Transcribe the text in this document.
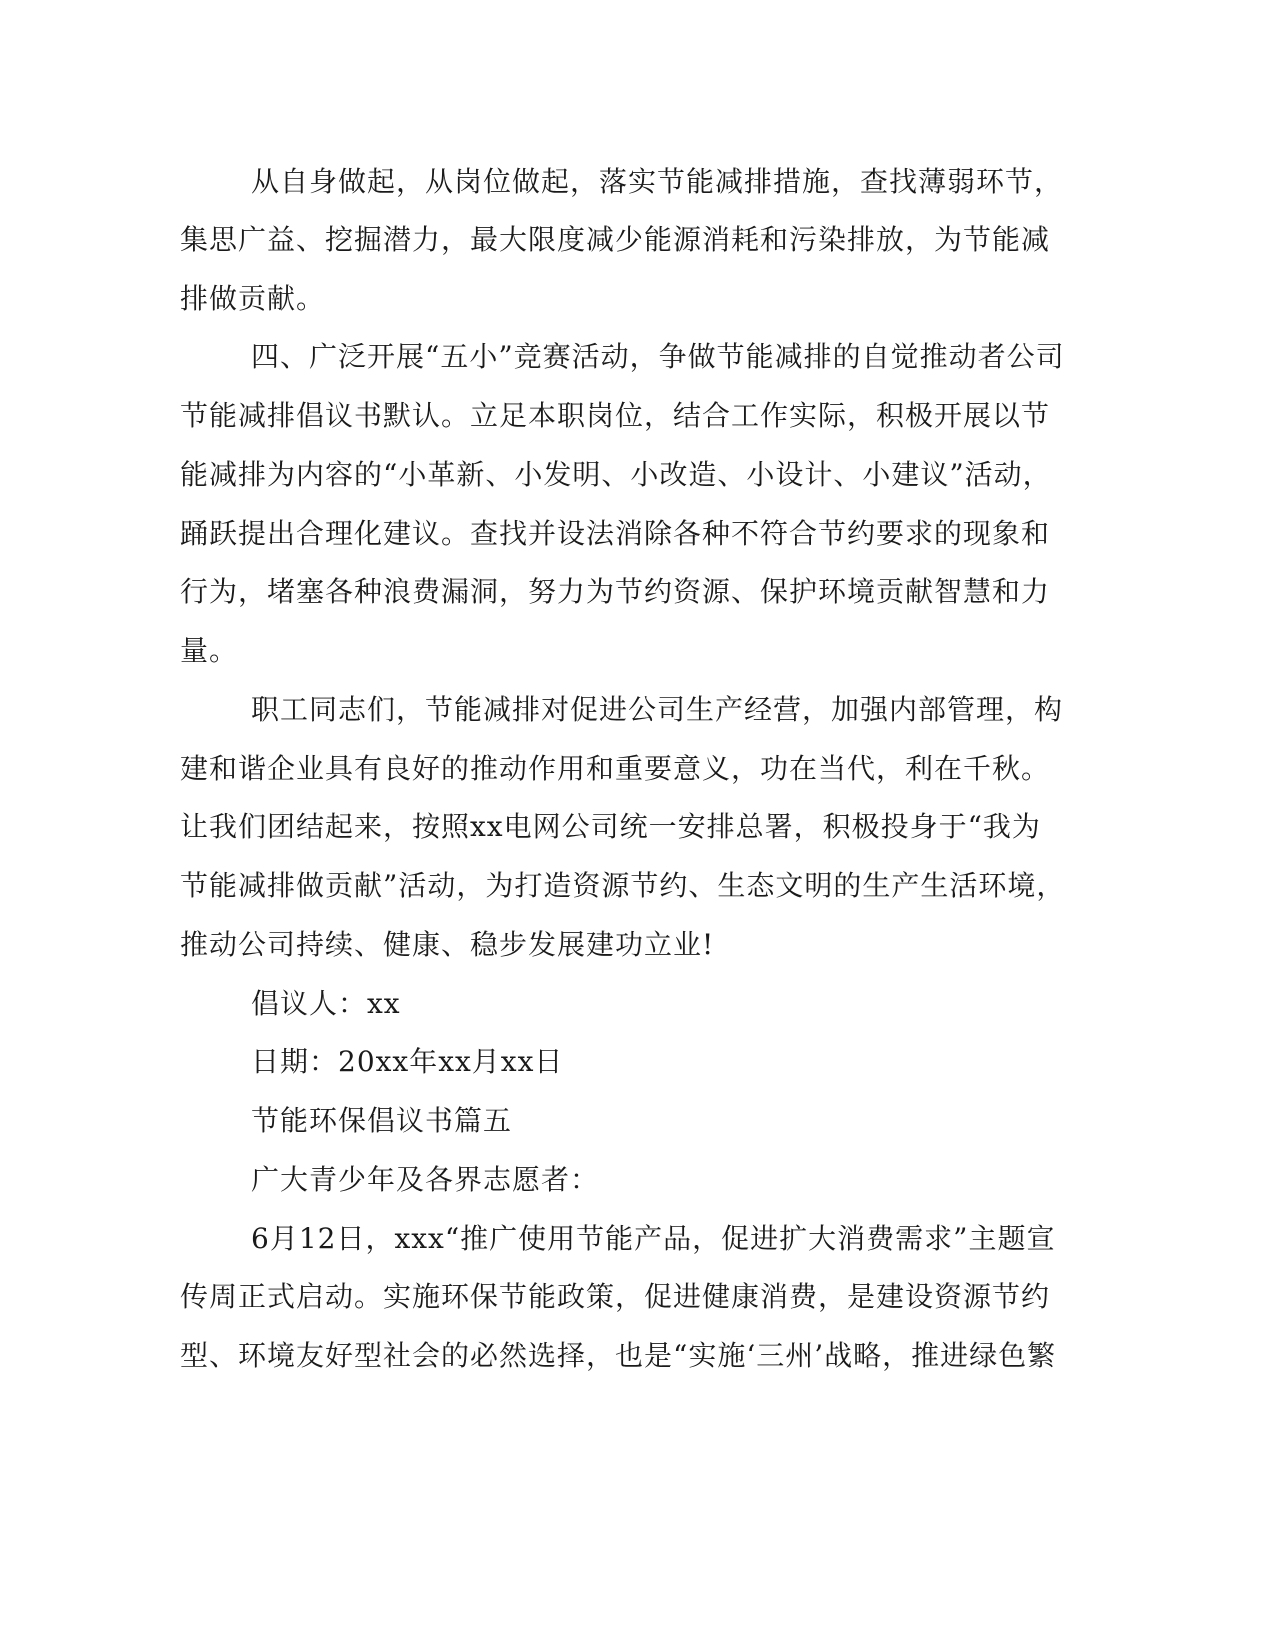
从自身做起，从岗位做起，落实节能减排措施，查找薄弱环节，
集思广益、挖掘潜力，最大限度减少能源消耗和污染排放，为节能减
排做贡献。
四、广泛开展“五小”竞赛活动，争做节能减排的自觉推动者公司
节能减排倡议书默认。立足本职岗位，结合工作实际，积极开展以节
能减排为内容的“小革新、小发明、小改造、小设计、小建议”活动，
踊跃提出合理化建议。查找并设法消除各种不符合节约要求的现象和
行为，堵塞各种浪费漏洞，努力为节约资源、保护环境贡献智慧和力
量。
职工同志们，节能减排对促进公司生产经营，加强内部管理，构
建和谐企业具有良好的推动作用和重要意义，功在当代，利在千秋。
让我们团结起来，按照xx电网公司统一安排总署，积极投身于“我为
节能减排做贡献”活动，为打造资源节约、生态文明的生产生活环境，
推动公司持续、健康、稳步发展建功立业!
倡议人：xx
日期：20xx年xx月xx日
节能环保倡议书篇五
广大青少年及各界志愿者：
6月12日，xxx“推广使用节能产品，促进扩大消费需求”主题宣
传周正式启动。实施环保节能政策，促进健康消费，是建设资源节约
型、环境友好型社会的必然选择，也是“实施‘三州’战略，推进绿色繁
